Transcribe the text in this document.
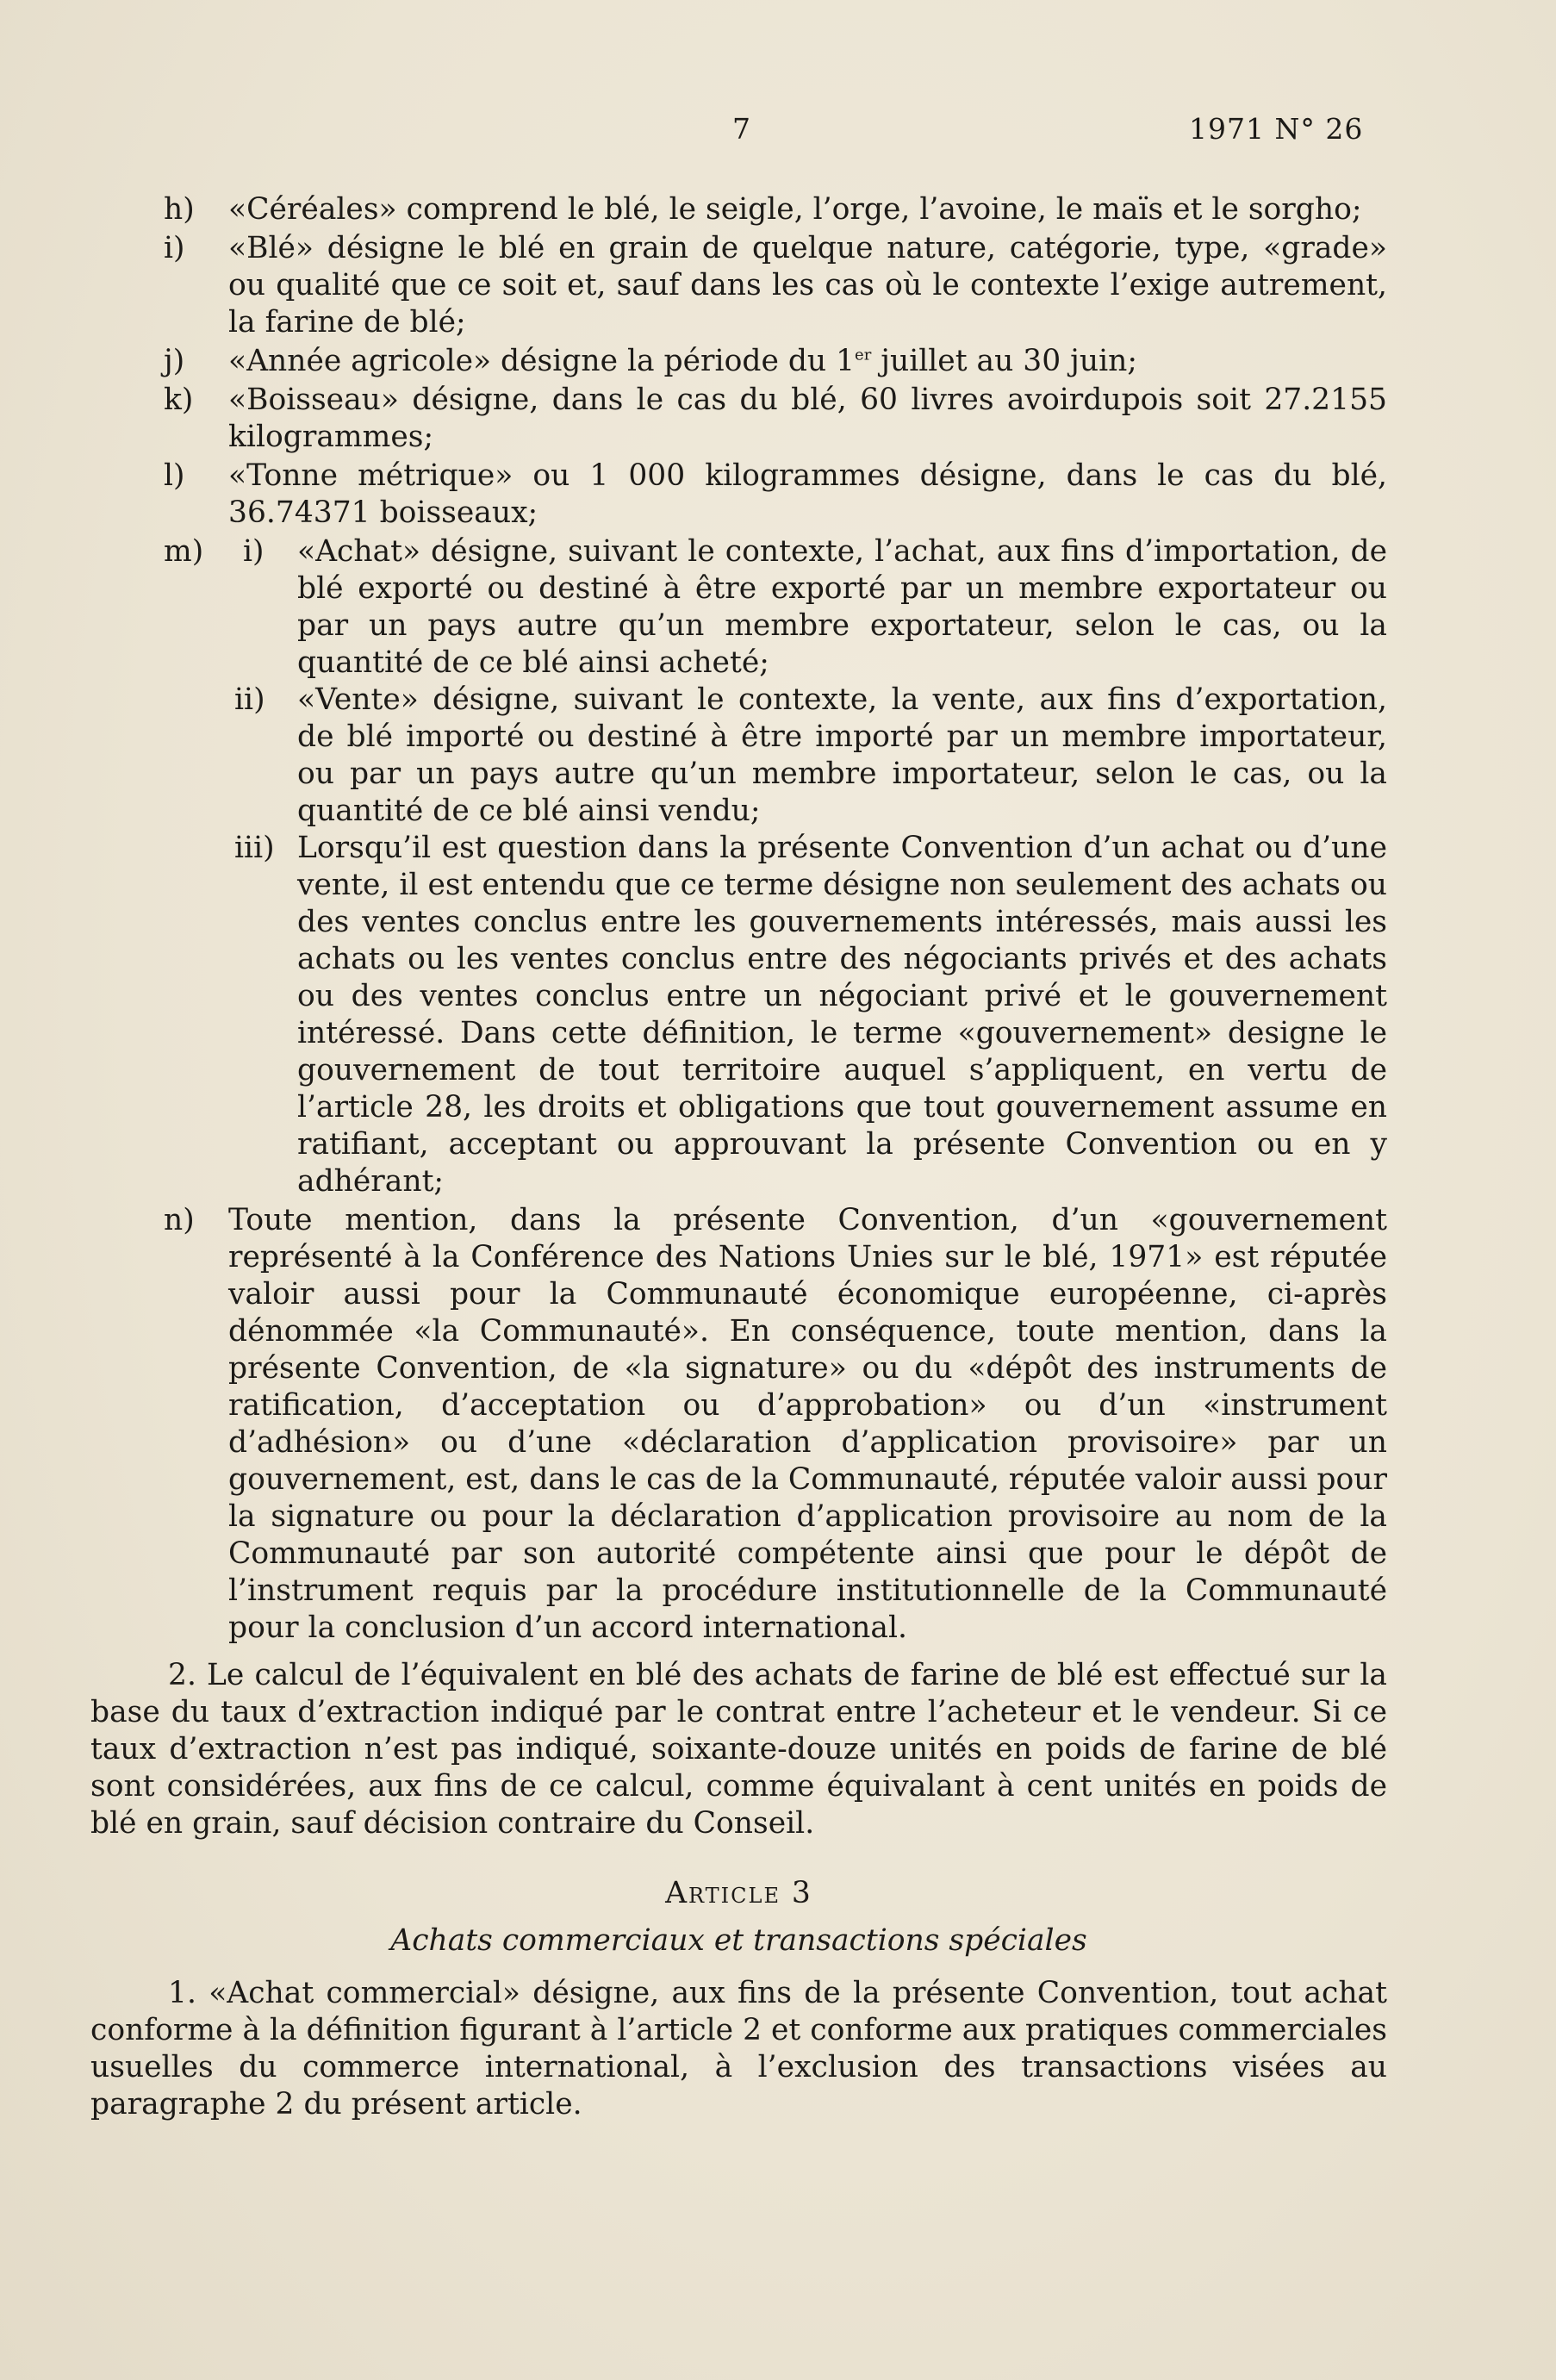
7	1971 N° 26
h)	«Céréales» comprend le blé, le seigle, l’orge, l’avoine, le maïs et le sorgho;
i)	«Blé» désigne le blé en grain de quelque nature, catégorie, type, «grade» ou qualité que ce soit et, sauf dans les cas où le contexte l’exige autrement, la farine de blé;
j)	«Année agricole» désigne la période du 1er juillet au 30 juin;
k)	«Boisseau» désigne, dans le cas du blé, 60 livres avoirdupois soit 27.2155 kilogrammes;
l)	«Tonne métrique» ou 1 000 kilogrammes désigne, dans le cas du blé, 36.74371 boisseaux;
m)	i)	«Achat» désigne, suivant le contexte, l’achat, aux fins d’importation, de blé exporté ou destiné à être exporté par un membre exportateur ou par un pays autre qu’un membre exportateur, selon le cas, ou la quantité de ce blé ainsi acheté;
ii)	«Vente» désigne, suivant le contexte, la vente, aux fins d’exportation, de blé importé ou destiné à être importé par un membre importateur, ou par un pays autre qu’un membre importateur, selon le cas, ou la quantité de ce blé ainsi vendu;
iii) Lorsqu’il est question dans la présente Convention d’un achat ou d’une vente, il est entendu que ce terme désigne non seulement des achats ou des ventes conclus entre les gouvernements intéressés, mais aussi les achats ou les ventes conclus entre des négociants privés et des achats ou des ventes conclus entre un négociant privé et le gouvernement intéressé. Dans cette définition, le terme «gouvernement» designe le gouvernement de tout territoire auquel s’appliquent, en vertu de l’article 28, les droits et obligations que tout gouvernement assume en ratifiant, acceptant ou approuvant la présente Convention ou en y adhérant;
n)	Toute mention, dans la présente Convention, d’un «gouvernement représenté à la Conférence des Nations Unies sur le blé, 1971» est réputée valoir aussi pour la Communauté économique européenne, ci-après dénommée «la Communauté». En conséquence, toute mention, dans la présente Convention, de «la signature» ou du «dépôt des instruments de ratification, d’acceptation ou d’approbation» ou d’un «instrument d’adhésion» ou d’une «déclaration d’application provisoire» par un gouvernement, est, dans le cas de la Communauté, réputée valoir aussi pour la signature ou pour la déclaration d’application provisoire au nom de la Communauté par son autorité compétente ainsi que pour le dépôt de l’instrument requis par la procédure institutionnelle de la Communauté pour la conclusion d’un accord international.

2. Le calcul de l’équivalent en blé des achats de farine de blé est effectué sur la base du taux d’extraction indiqué par le contrat entre l’acheteur et le vendeur. Si ce taux d’extraction n’est pas indiqué, soixante-douze unités en poids de farine de blé sont considérées, aux fins de ce calcul, comme équivalant à cent unités en poids de blé en grain, sauf décision contraire du Conseil.

Article 3
Achats commerciaux et transactions spéciales

1. «Achat commercial» désigne, aux fins de la présente Convention, tout achat conforme à la définition figurant à l’article 2 et conforme aux pratiques commerciales usuelles du commerce international, à l’exclusion des transactions visées au paragraphe 2 du présent article.
